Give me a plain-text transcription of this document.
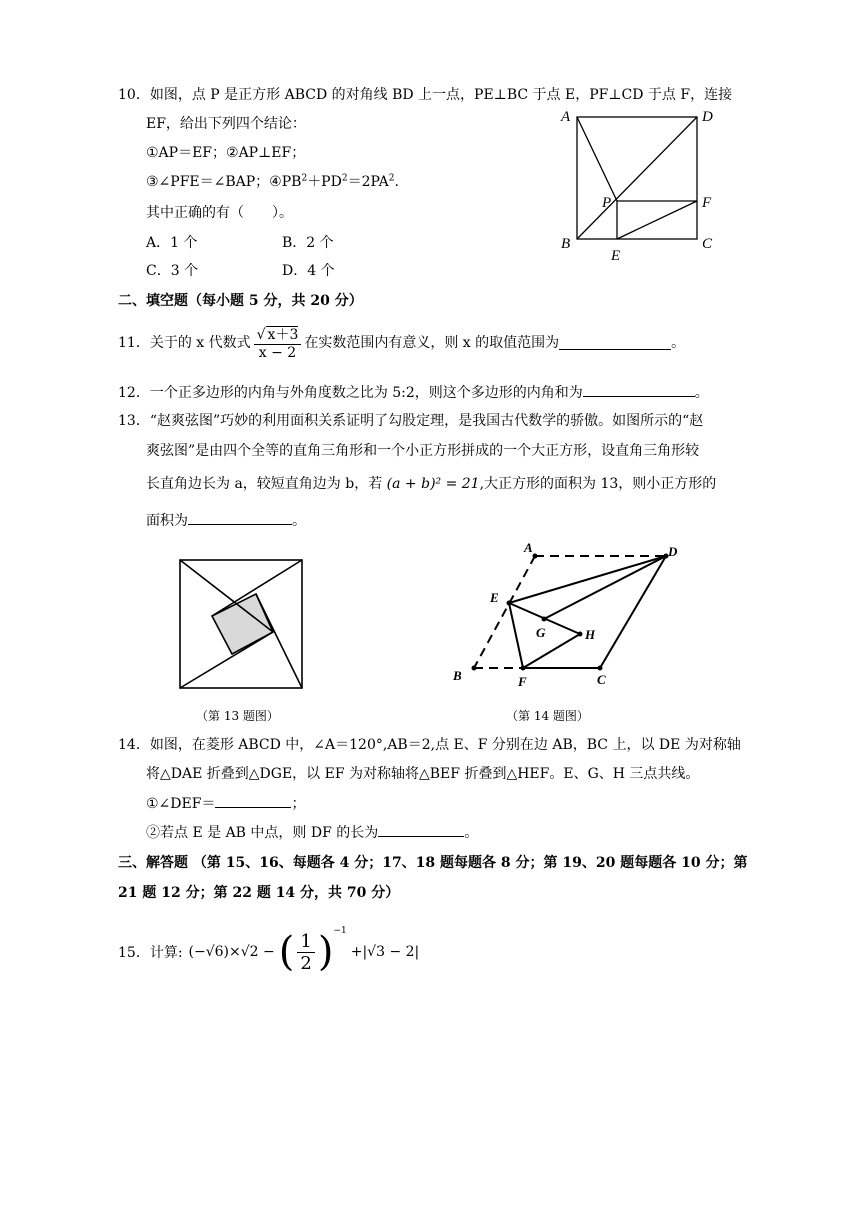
10．如图，点 P 是正方形 ABCD 的对角线 BD 上一点，PE⊥BC 于点 E，PF⊥CD 于点 F，连接
EF，给出下列四个结论：
①AP＝EF；②AP⊥EF；
③∠PFE＝∠BAP；$④PB^2+PD^2=2PA^2$.
其中正确的有（　　）。
A．1 个	B．2 个
C．3 个	D．4 个
A	D
P	F
B
E
C
二、填空题（每小题 5 分，共 20 分）
11．关于的 x 代数式 $\frac{√ x+3}{x - 2}$ 在实数范围内有意义，则 x 的取值范围为	。
12．一个正多边形的内角与外角度数之比为 5:2，则这个多边形的内角和为	。
13．“赵爽弦图”巧妙的利用面积关系证明了勾股定理，是我国古代数学的骄傲。如图所示的“赵
爽弦图”是由四个全等的直角三角形和一个小正方形拼成的一个大正方形，设直角三角形较
长直角边长为 a，较短直角边为 b，若 (a + b)² = 21,大正方形的面积为 13，则小正方形的
面积为	。
A	D
E
G	H
B	F	C
（第 13 题图）	（第 14 题图）
14．如图，在菱形 ABCD 中，∠A＝120°,AB＝2,点 E、F 分别在边 AB，BC 上，以 DE 为对称轴
将△DAE 折叠到△DGE，以 EF 为对称轴将△BEF 折叠到△HEF。E、G、H 三点共线。
①∠DEF＝	；
②若点 E 是 AB 中点，则 DF 的长为	。
三、解答题 （第 15、16、每题各 4 分；17、18 题每题各 8 分；第 19、20 题每题各 10 分；第
21 题 12 分；第 22 题 14 分，共 70 分）
15．计算: (−√6)×√2 − ( $\frac{1}{2} )^{-1}$
+|√3 − 2|
